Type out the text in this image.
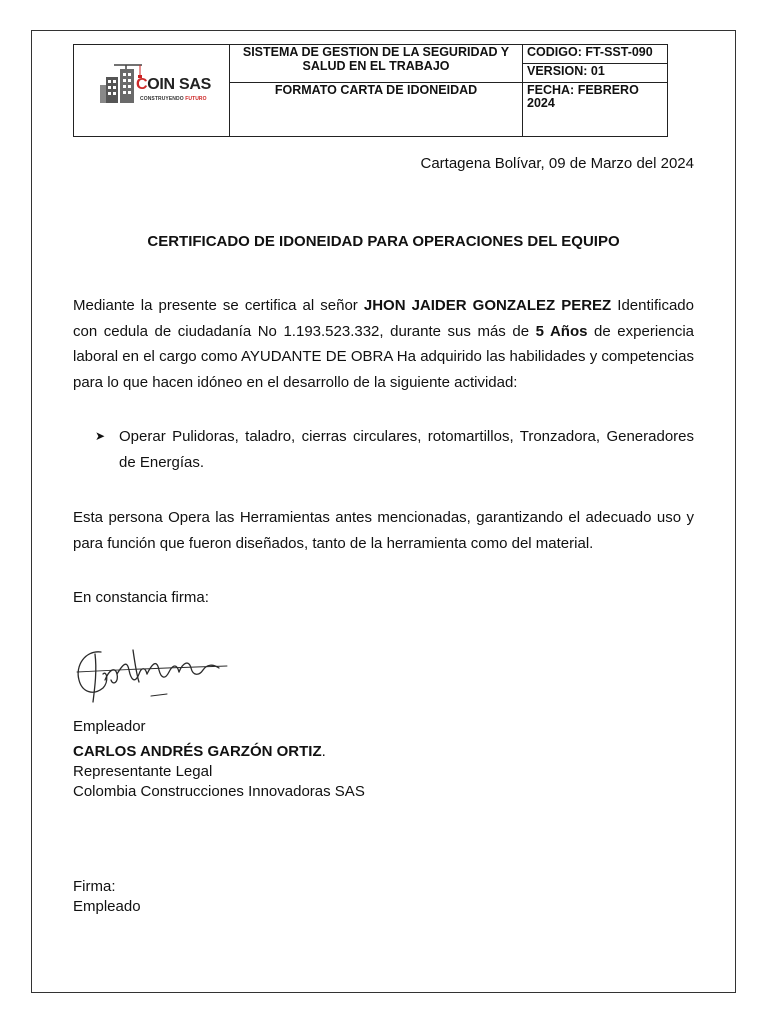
COIN SAS
CONSTRUYENDO FUTURO	SISTEMA DE GESTION DE LA SEGURIDAD Y SALUD EN EL TRABAJO	CODIGO: FT-SST-090
		VERSION: 01
	FORMATO CARTA DE IDONEIDAD	FECHA: FEBRERO
2024
Cartagena Bolívar, 09 de Marzo del 2024
CERTIFICADO DE IDONEIDAD PARA OPERACIONES DEL EQUIPO
Mediante la presente se certifica al señor JHON JAIDER GONZALEZ PEREZ Identificado con cedula de ciudadanía No 1.193.523.332, durante sus más de 5 Años de experiencia laboral en el cargo como AYUDANTE DE OBRA Ha adquirido las habilidades y competencias para lo que hacen idóneo en el desarrollo de la siguiente actividad:
➤ Operar Pulidoras, taladro, cierras circulares, rotomartillos, Tronzadora, Generadores de Energías.
Esta persona Opera las Herramientas antes mencionadas, garantizando el adecuado uso y para función que fueron diseñados, tanto de la herramienta como del material.
En constancia firma:
Empleador
CARLOS ANDRÉS GARZÓN ORTIZ.
Representante Legal
Colombia Construcciones Innovadoras SAS
Firma:
Empleado
